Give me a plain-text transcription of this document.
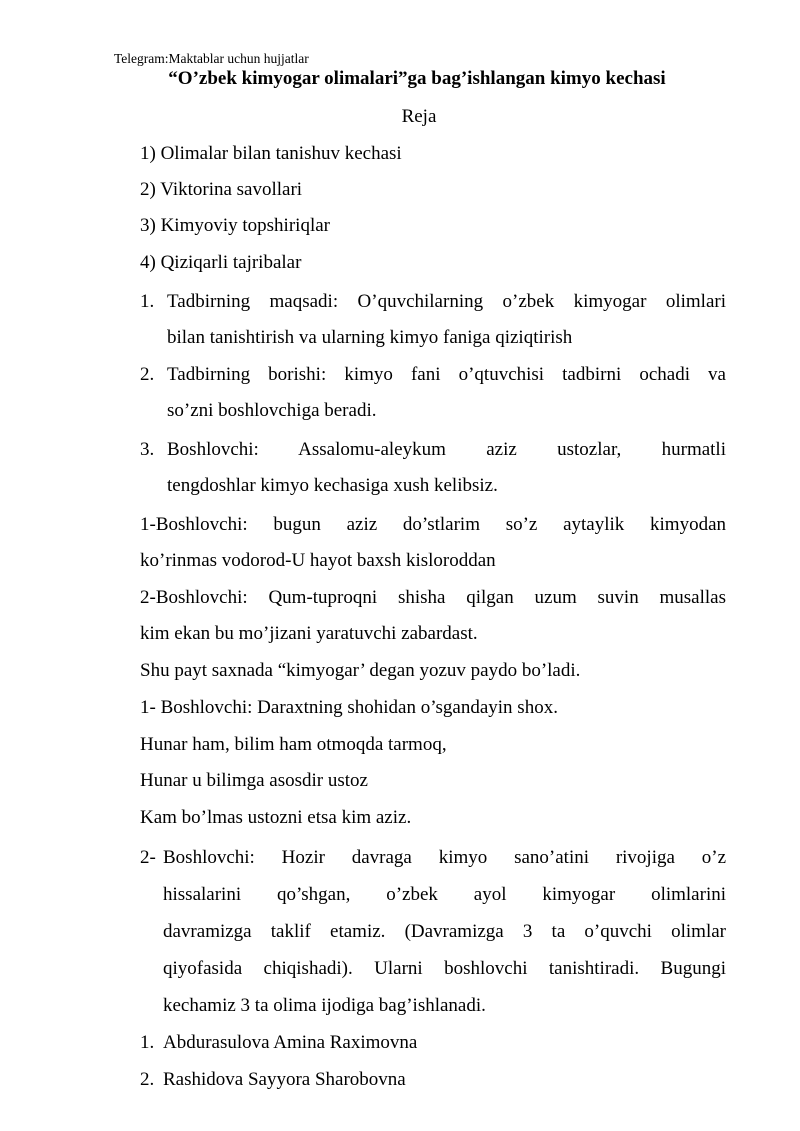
Telegram:Maktablar uchun hujjatlar
“O’zbek kimyogar olimalari”ga bag’ishlangan kimyo kechasi
Reja
1) Olimalar bilan tanishuv kechasi
2) Viktorina savollari
3) Kimyoviy topshiriqlar
4) Qiziqarli tajribalar
1. Tadbirning maqsadi: O’quvchilarning o’zbek kimyogar olimlari
bilan tanishtirish va ularning kimyo faniga qiziqtirish
2. Tadbirning borishi: kimyo fani o’qtuvchisi tadbirni ochadi va
so’zni boshlovchiga beradi.
3. Boshlovchi: Assalomu-aleykum aziz ustozlar, hurmatli
tengdoshlar kimyo kechasiga xush kelibsiz.
1-Boshlovchi: bugun aziz do’stlarim so’z aytaylik kimyodan
ko’rinmas vodorod-U hayot baxsh kisloroddan
2-Boshlovchi: Qum-tuproqni shisha qilgan uzum suvin musallas
kim ekan bu mo’jizani yaratuvchi zabardast.
Shu payt saxnada “kimyogar’ degan yozuv paydo bo’ladi.
1- Boshlovchi: Daraxtning shohidan o’sgandayin shox.
Hunar ham, bilim ham otmoqda tarmoq,
Hunar u bilimga asosdir ustoz
Kam bo’lmas ustozni etsa kim aziz.
2- Boshlovchi: Hozir davraga kimyo sano’atini rivojiga o’z
hissalarini qo’shgan, o’zbek ayol kimyogar olimlarini
davramizga taklif etamiz. (Davramizga 3 ta o’quvchi olimlar
qiyofasida chiqishadi). Ularni boshlovchi tanishtiradi. Bugungi
kechamiz 3 ta olima ijodiga bag’ishlanadi.
1. Abdurasulova Amina Raximovna
2. Rashidova Sayyora Sharobovna
